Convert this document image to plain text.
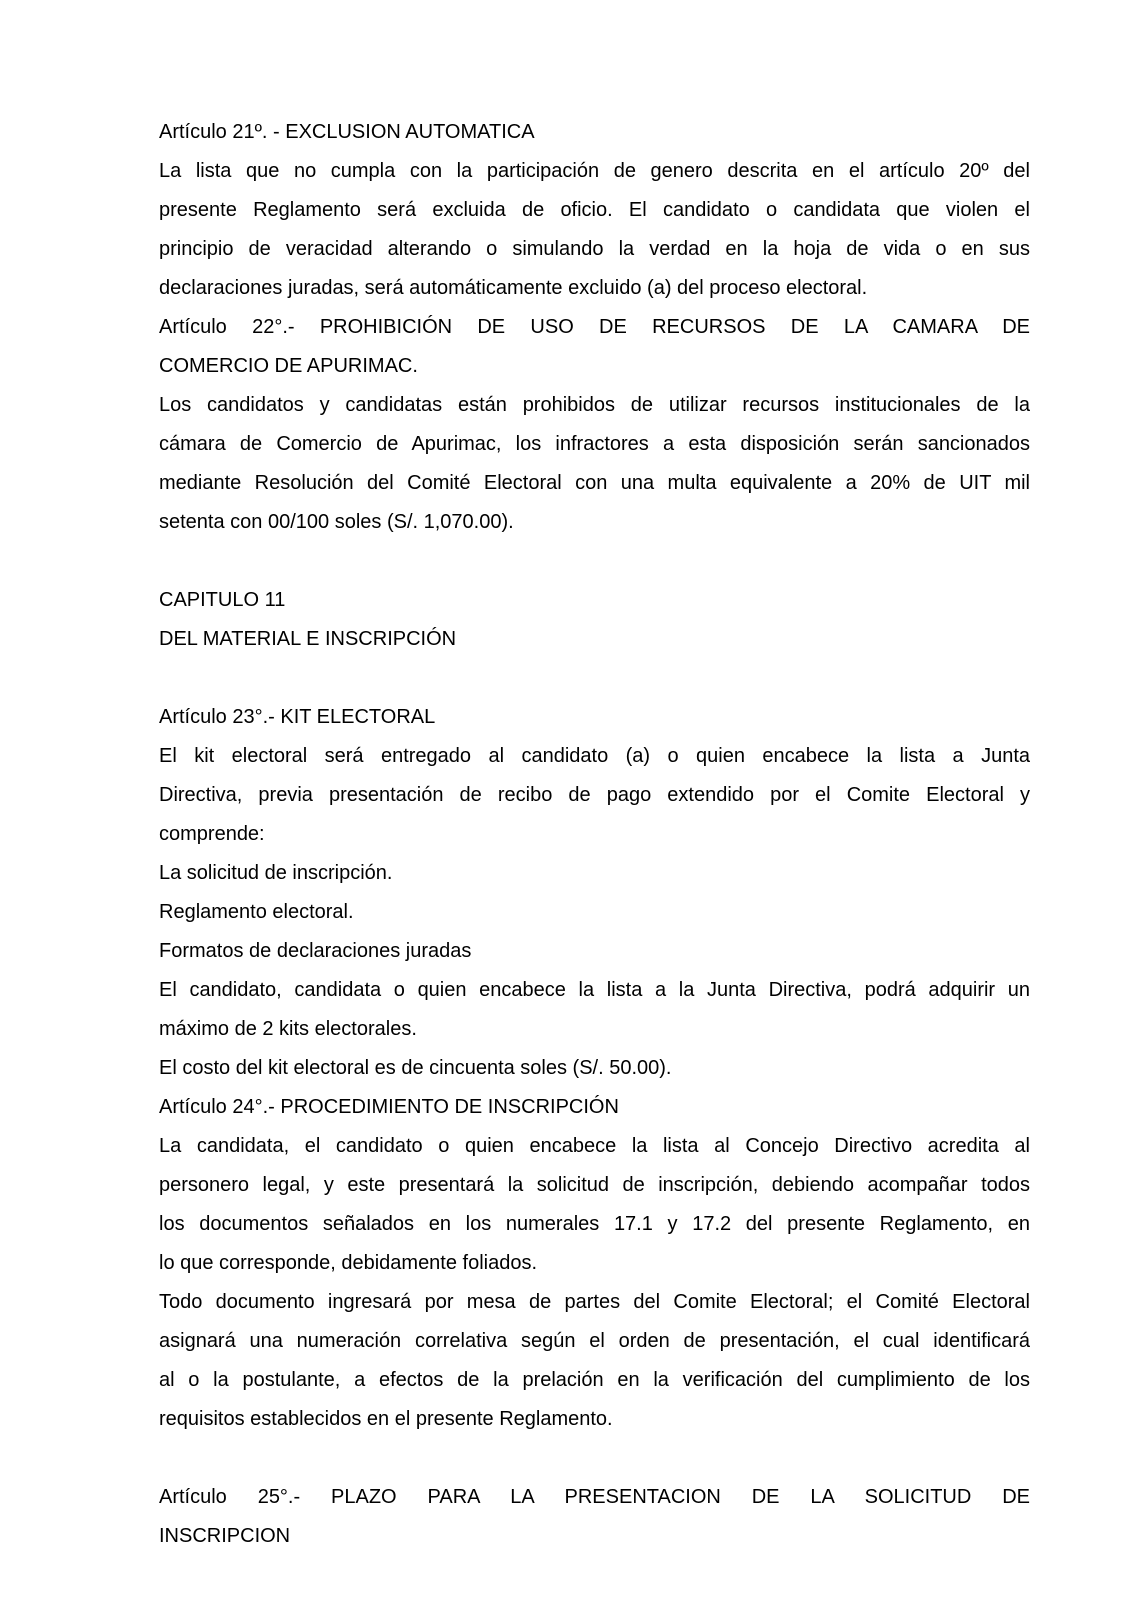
Artículo 21º. - EXCLUSION AUTOMATICA
La lista que no cumpla con la participación de genero descrita en el artículo 20º del
presente Reglamento será excluida de oficio. El candidato o candidata que violen el
principio de veracidad alterando o simulando la verdad en la hoja de vida o en sus
declaraciones juradas, será automáticamente excluido (a) del proceso electoral.
Artículo 22°.- PROHIBICIÓN DE USO DE RECURSOS DE LA CAMARA DE
COMERCIO DE APURIMAC.
Los candidatos y candidatas están prohibidos de utilizar recursos institucionales de la
cámara de Comercio de Apurimac, los infractores a esta disposición serán sancionados
mediante Resolución del Comité Electoral con una multa equivalente a 20% de UIT mil
setenta con 00/100 soles (S/. 1,070.00).
CAPITULO 11
DEL MATERIAL E INSCRIPCIÓN
Artículo 23°.- KIT ELECTORAL
El kit electoral será entregado al candidato (a) o quien encabece la lista a Junta
Directiva, previa presentación de recibo de pago extendido por el Comite Electoral y
comprende:
La solicitud de inscripción.
Reglamento electoral.
Formatos de declaraciones juradas
El candidato, candidata o quien encabece la lista a la Junta Directiva, podrá adquirir un
máximo de 2 kits electorales.
El costo del kit electoral es de cincuenta soles (S/. 50.00).
Artículo 24°.- PROCEDIMIENTO DE INSCRIPCIÓN
La candidata, el candidato o quien encabece la lista al Concejo Directivo acredita al
personero legal, y este presentará la solicitud de inscripción, debiendo acompañar todos
los documentos señalados en los numerales 17.1 y 17.2 del presente Reglamento, en
lo que corresponde, debidamente foliados.
Todo documento ingresará por mesa de partes del Comite Electoral; el Comité Electoral
asignará una numeración correlativa según el orden de presentación, el cual identificará
al o la postulante, a efectos de la prelación en la verificación del cumplimiento de los
requisitos establecidos en el presente Reglamento.
Artículo 25°.- PLAZO PARA LA PRESENTACION DE LA SOLICITUD DE
INSCRIPCION
